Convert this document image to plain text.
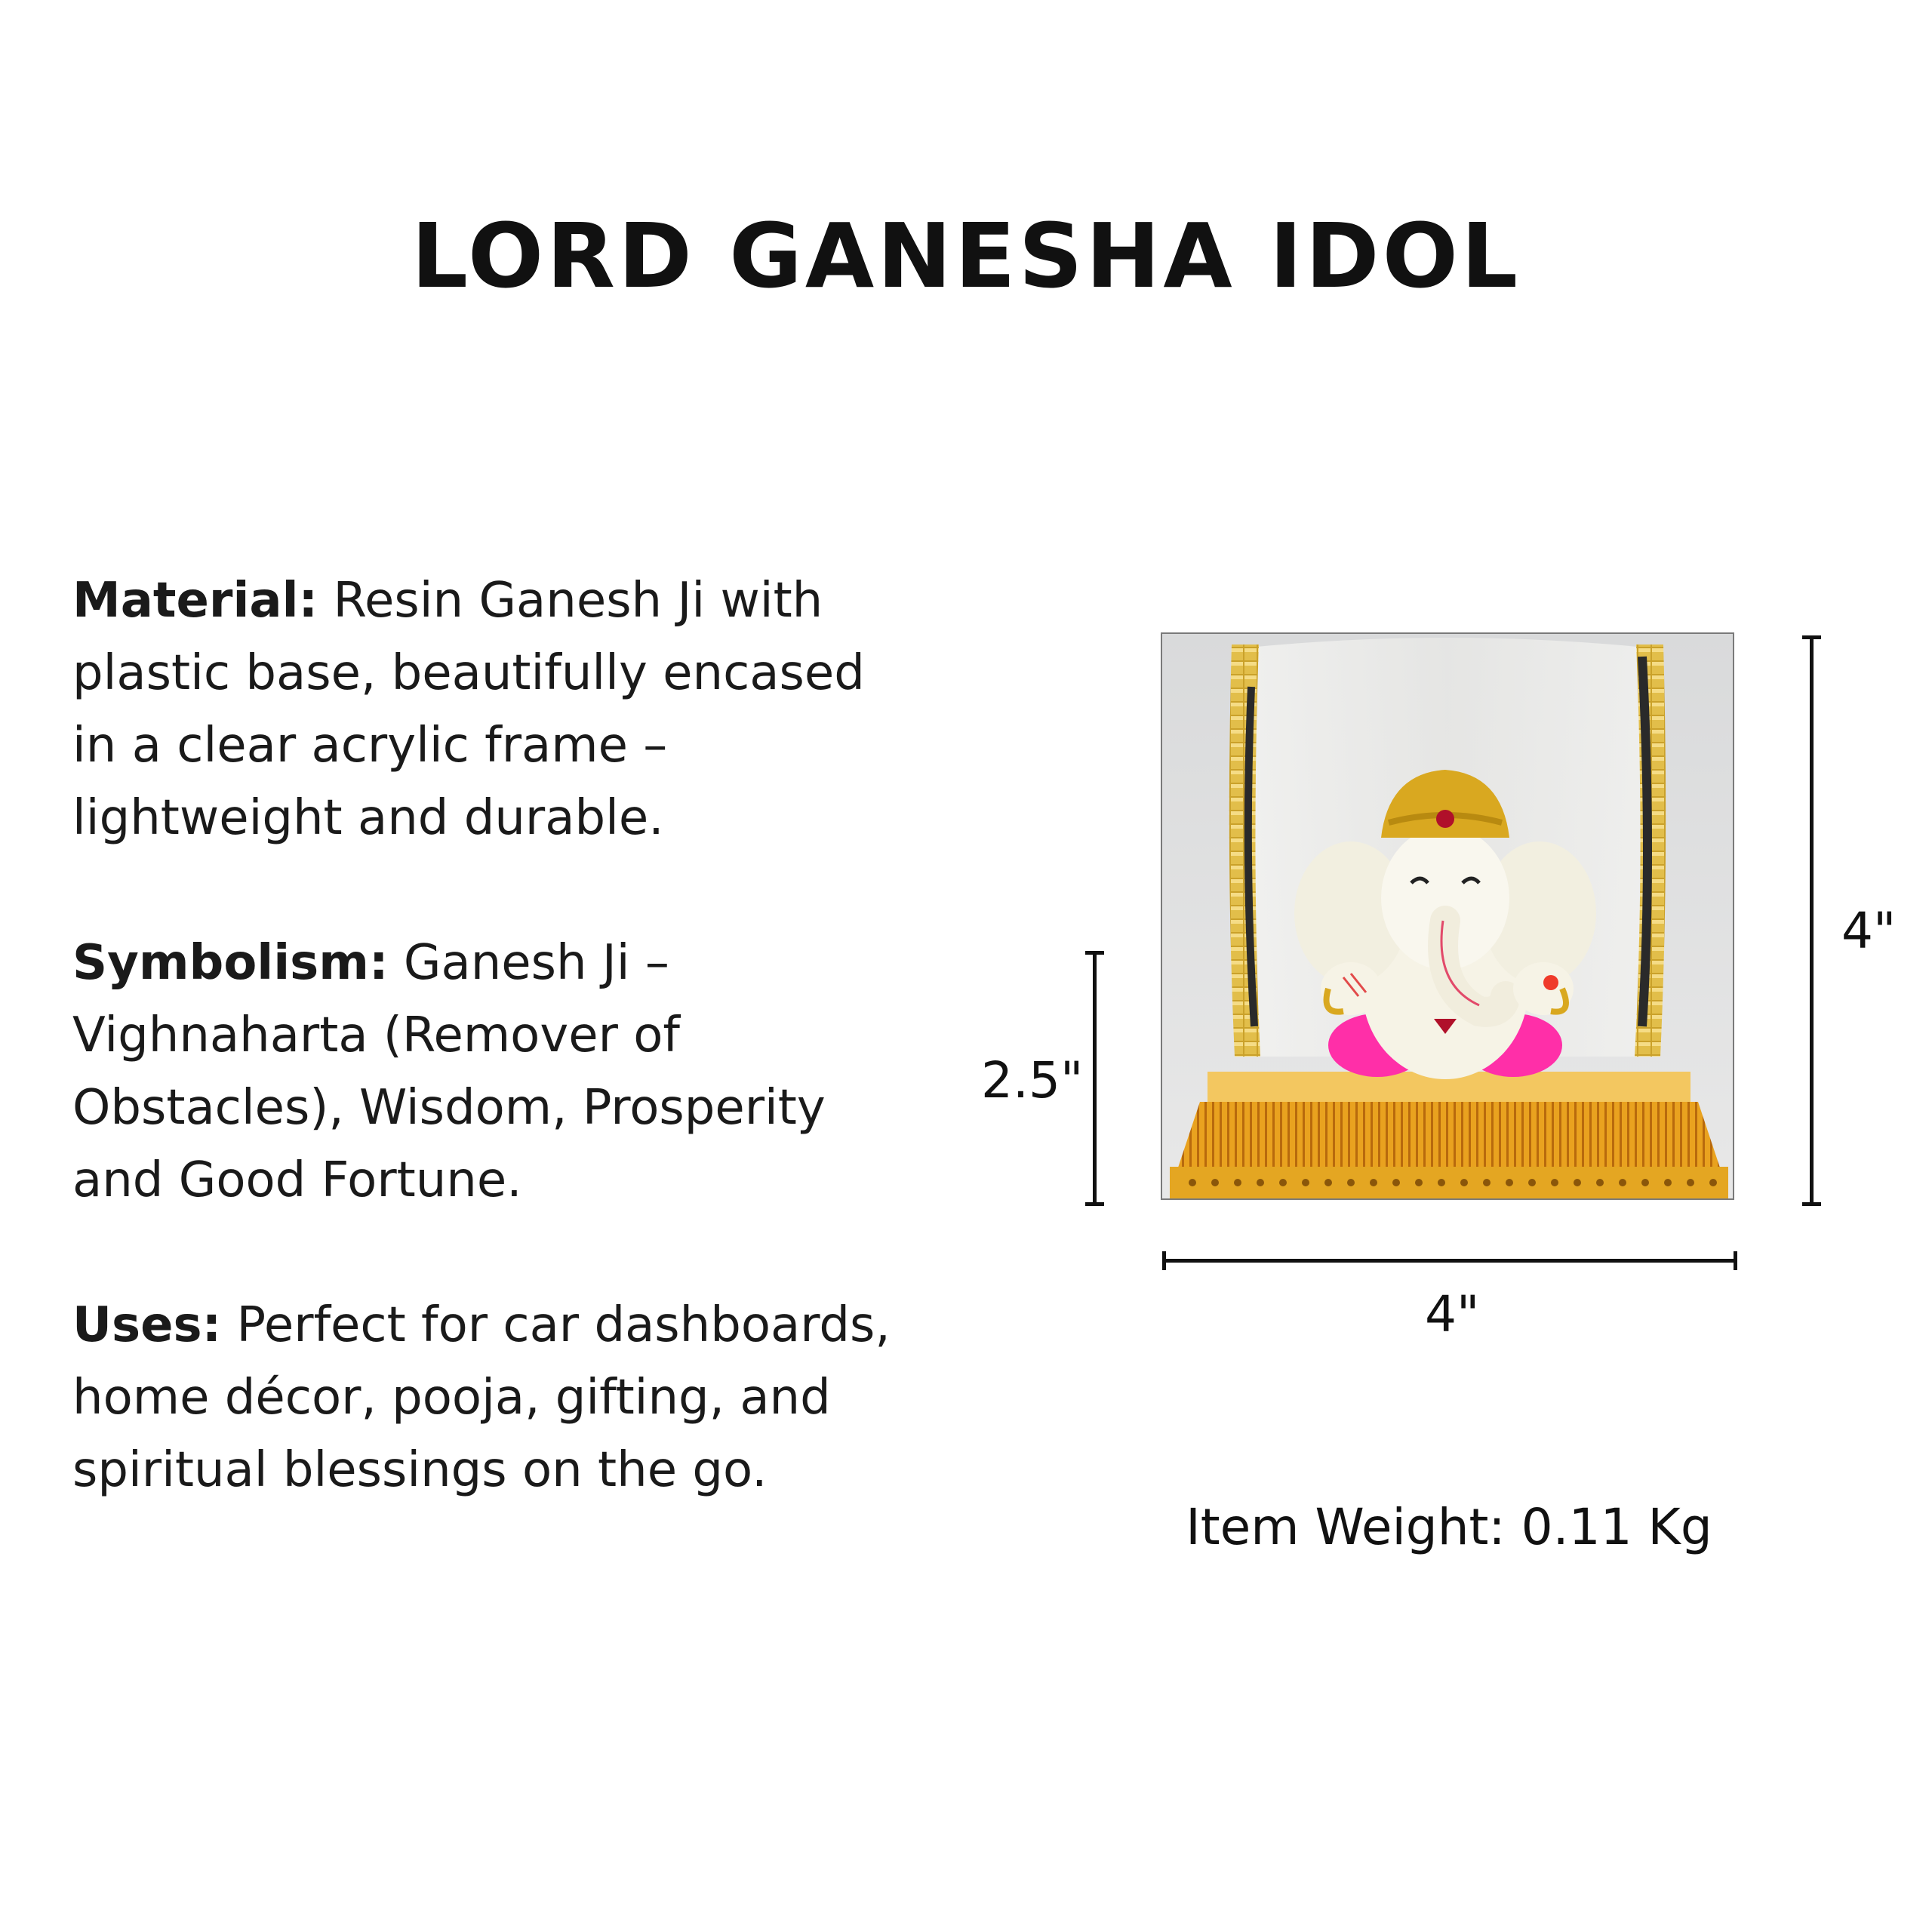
LORD GANESHA IDOL
Material: Resin Ganesh Ji with plastic base, beautifully encased in a clear acrylic frame – lightweight and durable.
Symbolism: Ganesh Ji – Vighnaharta (Remover of Obstacles), Wisdom, Prosperity and Good Fortune.
Uses: Perfect for car dashboards, home décor, pooja, gifting, and spiritual blessings on the go.
4"
2.5"
4"
Item Weight: 0.11 Kg
